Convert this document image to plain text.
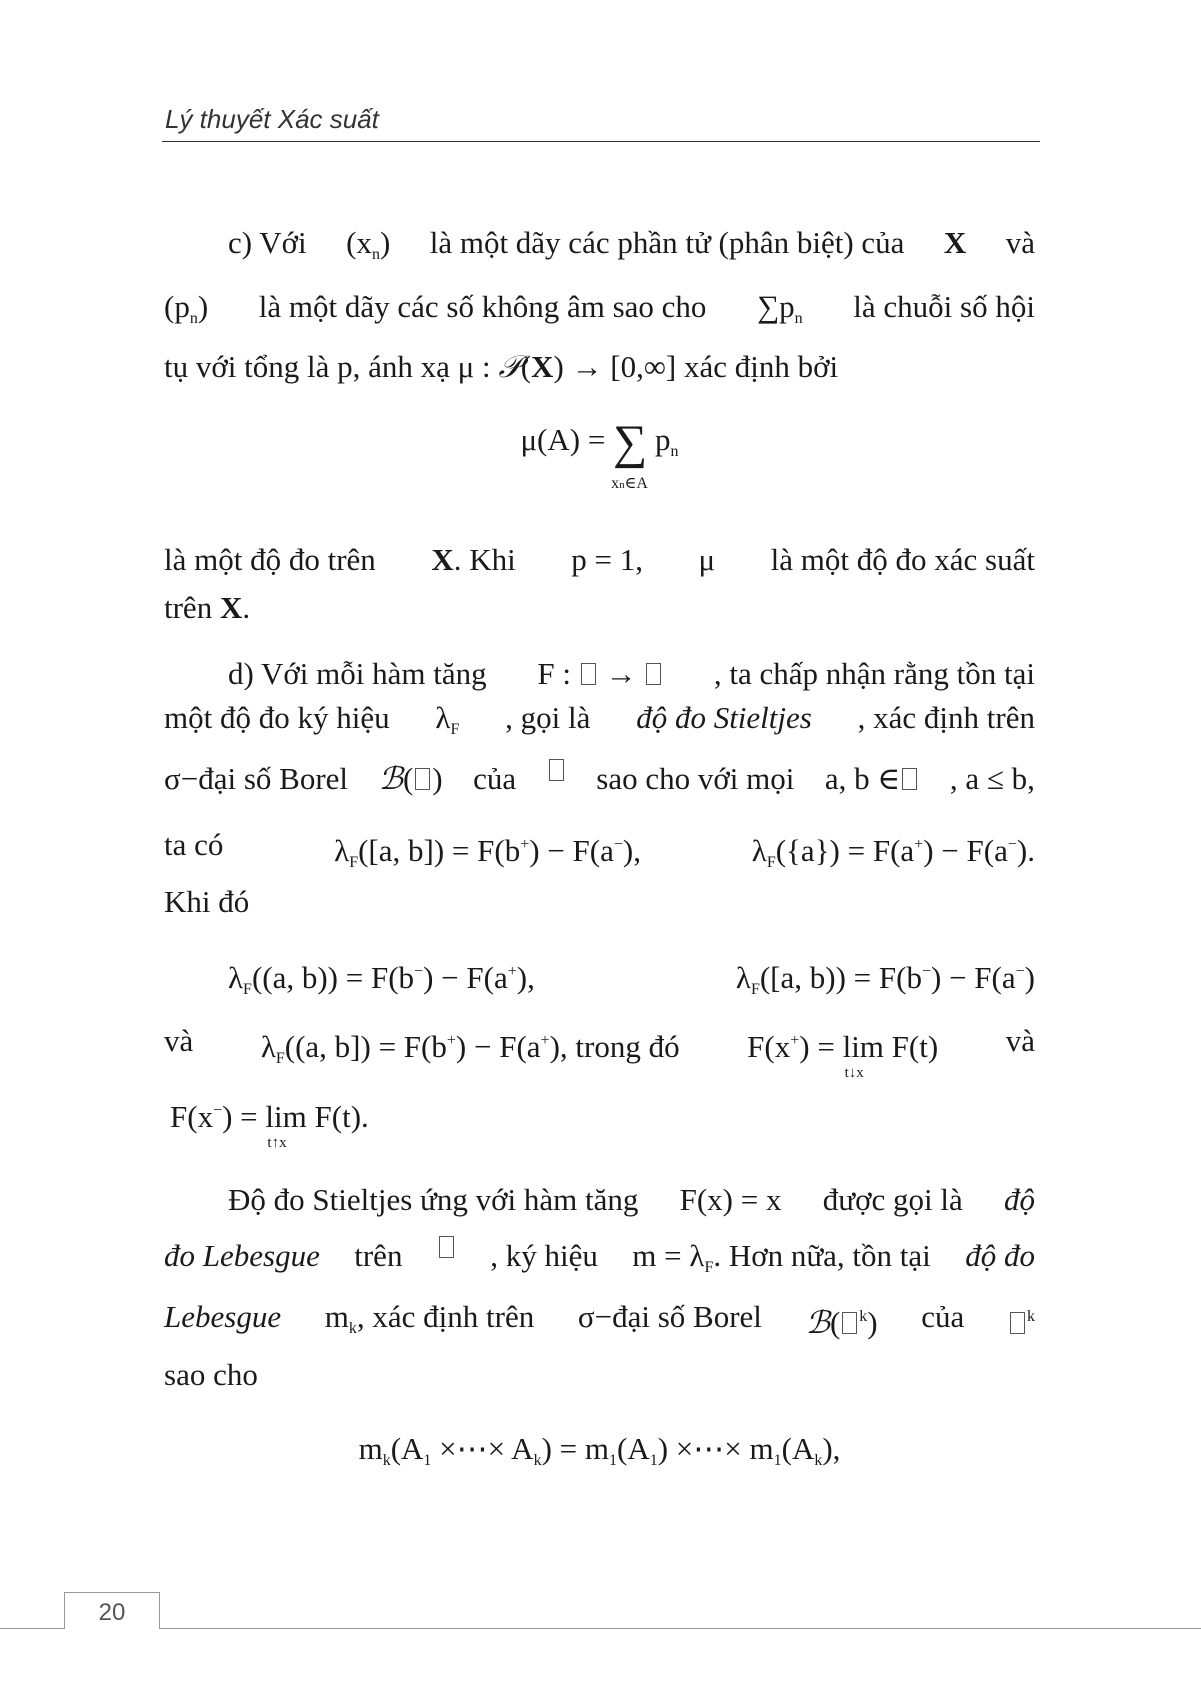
Lý thuyết Xác suất
c) Với $(x_n)$ là một dãy các phần tử (phân biệt) của X và
$(p_n)$ là một dãy các số không âm sao cho $\sum p_n$ là chuỗi số hội
tụ với tổng là p, ánh xạ μ : 𝒫(X) → [0,∞] xác định bởi
μ(A) = ∑
xn∈A
$p_n$
là một độ đo trên X. Khi p = 1, μ là một độ đo xác suất
trên X.
d) Với mỗi hàm tăng F :  →	, ta chấp nhận rằng tồn tại
một độ đo ký hiệu $\lambda_F$ , gọi là độ đo Stieltjes , xác định trên
σ−đại số Borel ℬ( ) của	sao cho với mọi a, b ∈	, a ≤ b,
ta có	$\lambda_F([a$, b]) = F(b+) − F(a−),	$\lambda_F(\{a\}) = F(a^+) - F(a^-)$.
Khi đó
$\lambda_F((a$, b)) = F(b−) − F(a+),	$\lambda_F([a$, b)) = F(b−) − F(a−)
và $\lambda_F((a$, b]) = F(b+) − F(a+), trong đó F(x+) = lim
t↓x
F(t) và
F(x−) = lim
t↑x
F(t).
Độ đo Stieltjes ứng với hàm tăng F(x) = x được gọi là độ
đo Lebesgue trên	, ký hiệu $m = \lambda_F$. Hơn nữa, tồn tại độ đo
Lebesgue $m_k$, xác định trên σ−đại số Borel ℬ( $^k$) của	$^k$
sao cho
$m_k(A_1$ ×⋯× $A_k) = m_1(A_1)$ ×⋯× $m_1(A_k)$,
20
